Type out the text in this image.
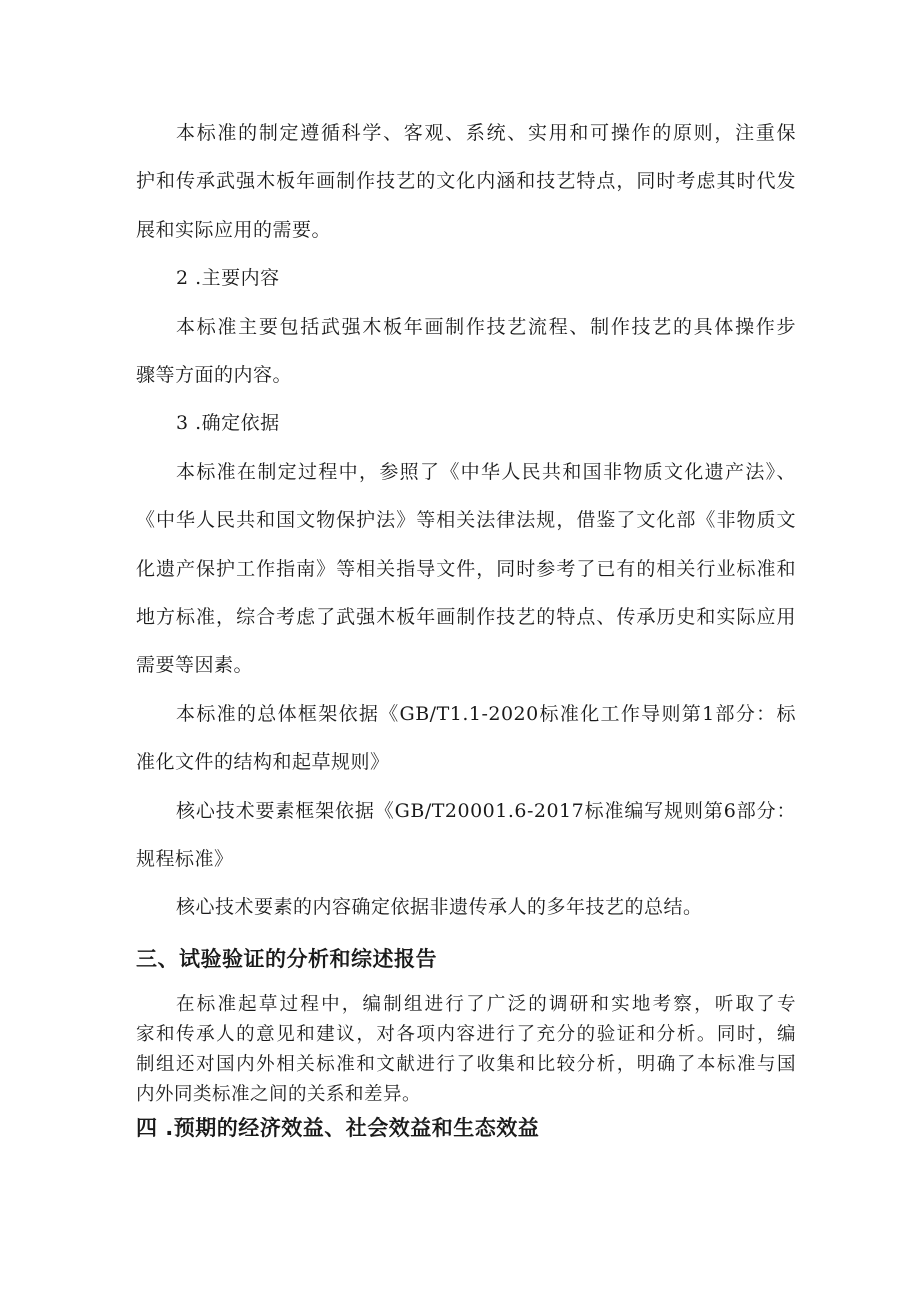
本标准的制定遵循科学、客观、系统、实用和可操作的原则，注重保
护和传承武强木板年画制作技艺的文化内涵和技艺特点，同时考虑其时代发
展和实际应用的需要。
2 .主要内容
本标准主要包括武强木板年画制作技艺流程、制作技艺的具体操作步
骤等方面的内容。
3 .确定依据
本标准在制定过程中，参照了《中华人民共和国非物质文化遗产法》、
《中华人民共和国文物保护法》等相关法律法规，借鉴了文化部《非物质文
化遗产保护工作指南》等相关指导文件，同时参考了已有的相关行业标准和
地方标准，综合考虑了武强木板年画制作技艺的特点、传承历史和实际应用
需要等因素。
本标准的总体框架依据《GB/T1.1-2020标准化工作导则第1部分：标
准化文件的结构和起草规则》
核心技术要素框架依据《GB/T20001.6-2017标准编写规则第6部分：
规程标准》
核心技术要素的内容确定依据非遗传承人的多年技艺的总结。
三、试验验证的分析和综述报告
在标准起草过程中，编制组进行了广泛的调研和实地考察，听取了专
家和传承人的意见和建议，对各项内容进行了充分的验证和分析。同时，编
制组还对国内外相关标准和文献进行了收集和比较分析，明确了本标准与国
内外同类标准之间的关系和差异。
四 .预期的经济效益、社会效益和生态效益
